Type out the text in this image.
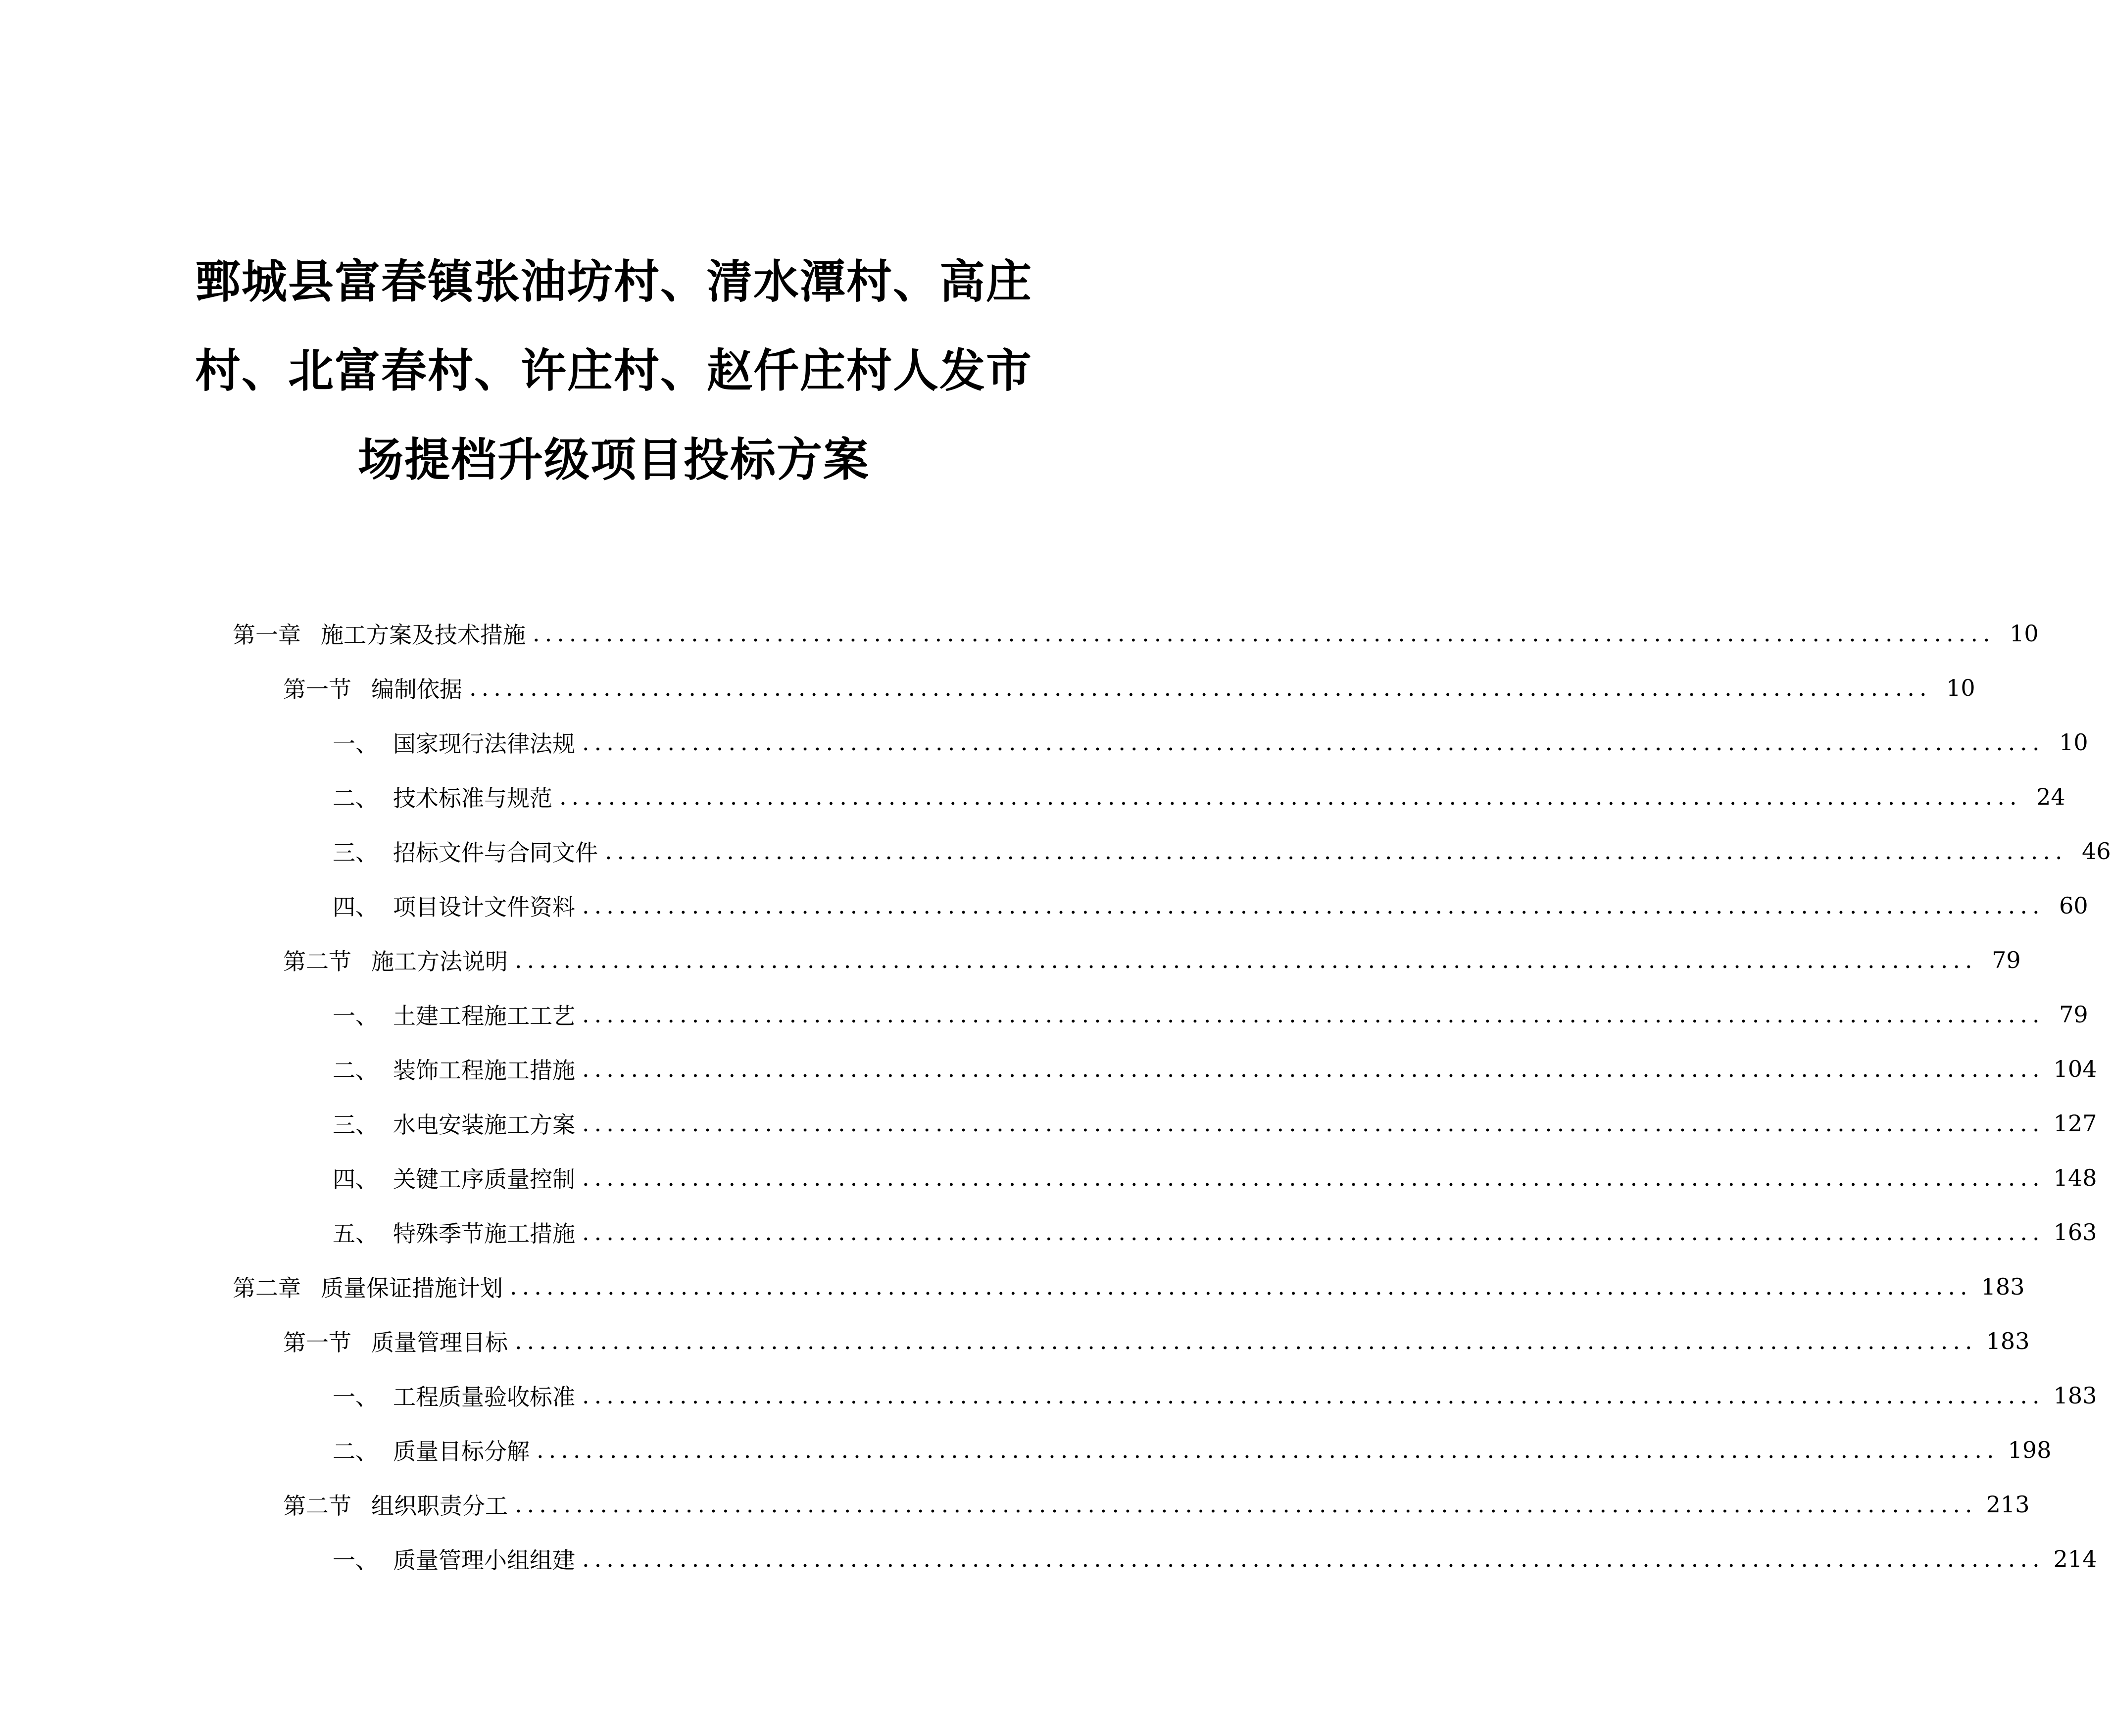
鄄城县富春镇张油坊村、清水潭村、高庄
村、北富春村、许庄村、赵仟庄村人发市
场提档升级项目投标方案
第一章 施工方案及技术措施 ........................................................................................................................ 10
第一节 编制依据 ........................................................................................................................ 10
一、 国家现行法律法规 ........................................................................................................................ 10
二、 技术标准与规范 ........................................................................................................................ 24
三、 招标文件与合同文件 ........................................................................................................................ 46
四、 项目设计文件资料 ........................................................................................................................ 60
第二节 施工方法说明 ........................................................................................................................ 79
一、 土建工程施工工艺 ........................................................................................................................ 79
二、 装饰工程施工措施 ........................................................................................................................ 104
三、 水电安装施工方案 ........................................................................................................................ 127
四、 关键工序质量控制 ........................................................................................................................ 148
五、 特殊季节施工措施 ........................................................................................................................ 163
第二章 质量保证措施计划 ........................................................................................................................ 183
第一节 质量管理目标 ........................................................................................................................ 183
一、 工程质量验收标准 ........................................................................................................................ 183
二、 质量目标分解 ........................................................................................................................ 198
第二节 组织职责分工 ........................................................................................................................ 213
一、 质量管理小组组建 ........................................................................................................................ 214
